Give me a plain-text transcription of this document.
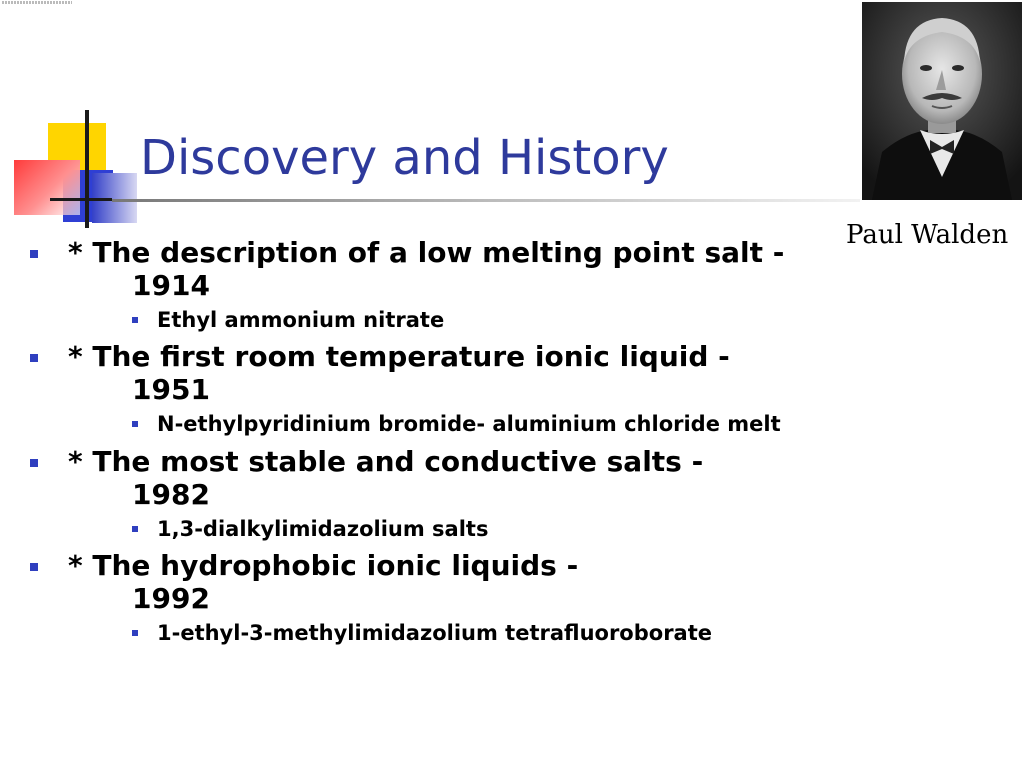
Discovery and History
Paul Walden
* The description of a low melting point salt -
1914
Ethyl ammonium nitrate
* The first room temperature ionic liquid -
1951
N-ethylpyridinium bromide- aluminium chloride melt
* The most stable and conductive salts -
1982
1,3-dialkylimidazolium salts
* The hydrophobic ionic liquids -
1992
1-ethyl-3-methylimidazolium tetrafluoroborate
